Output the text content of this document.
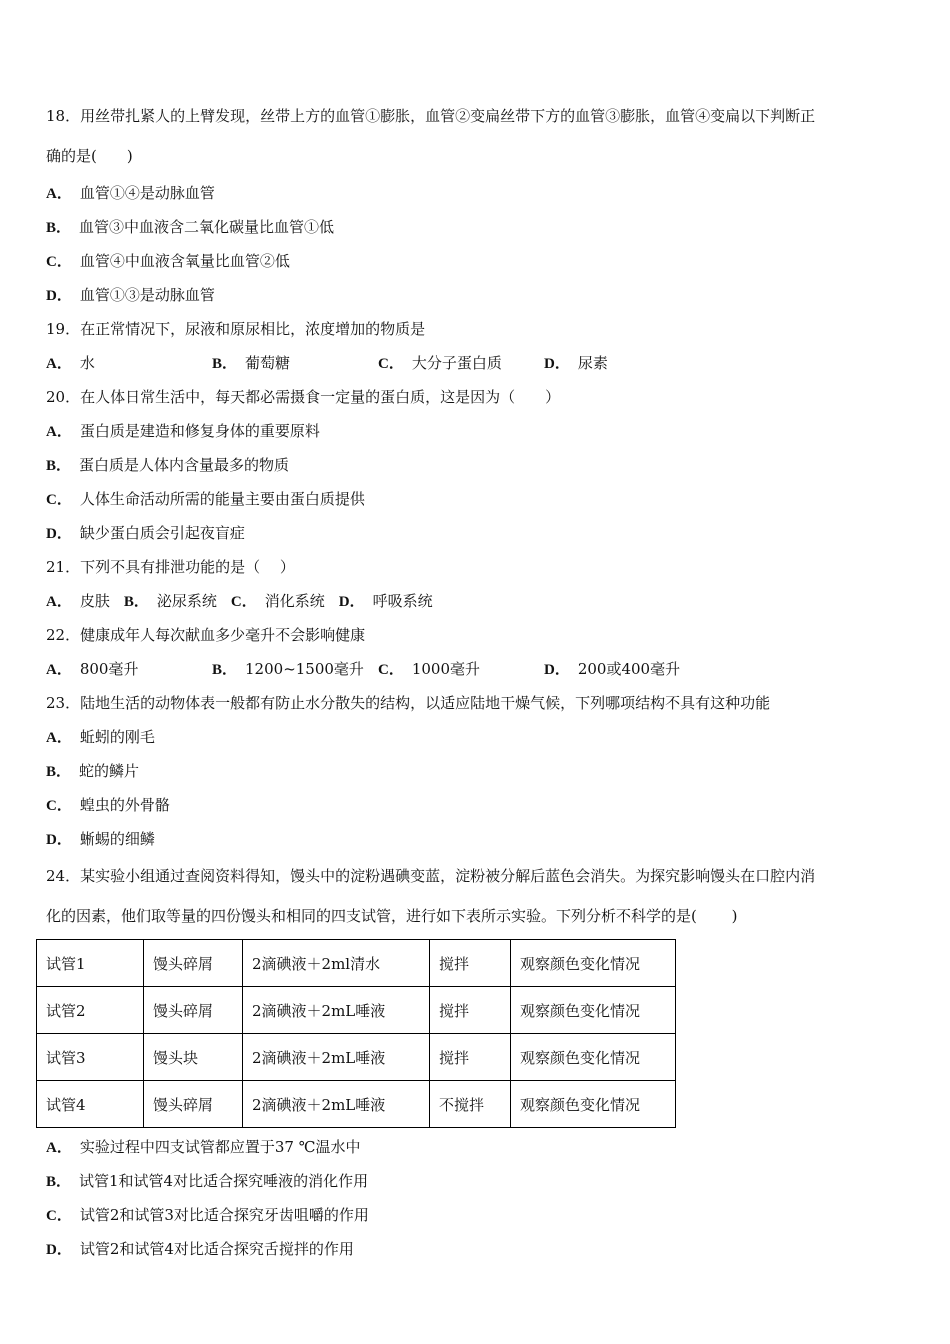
18．用丝带扎紧人的上臂发现，丝带上方的血管①膨胀，血管②变扁丝带下方的血管③膨胀，血管④变扁以下判断正
确的是(　　)
A． 血管①④是动脉血管
B． 血管③中血液含二氧化碳量比血管①低
C． 血管④中血液含氧量比血管②低
D． 血管①③是动脉血管
19．在正常情况下，尿液和原尿相比，浓度增加的物质是
A． 水	B． 葡萄糖	C． 大分子蛋白质	D． 尿素
20．在人体日常生活中，每天都必需摄食一定量的蛋白质，这是因为（　　）
A． 蛋白质是建造和修复身体的重要原料
B． 蛋白质是人体内含量最多的物质
C． 人体生命活动所需的能量主要由蛋白质提供
D． 缺少蛋白质会引起夜盲症
21．下列不具有排泄功能的是（　 ）
A． 皮肤 B． 泌尿系统 C． 消化系统 D． 呼吸系统
22．健康成年人每次献血多少毫升不会影响健康
A． 800毫升	B． 1200~1500毫升 C． 1000毫升	D． 200或400毫升
23．陆地生活的动物体表一般都有防止水分散失的结构，以适应陆地干燥气候，下列哪项结构不具有这种功能
A． 蚯蚓的刚毛
B． 蛇的鳞片
C． 蝗虫的外骨骼
D． 蜥蜴的细鳞
24．某实验小组通过查阅资料得知，馒头中的淀粉遇碘变蓝，淀粉被分解后蓝色会消失。为探究影响馒头在口腔内消
化的因素，他们取等量的四份馒头和相同的四支试管，进行如下表所示实验。下列分析不科学的是(　　 )
试管1	馒头碎屑	2滴碘液＋2ml清水	搅拌	观察颜色变化情况
试管2	馒头碎屑	2滴碘液＋2mL唾液	搅拌	观察颜色变化情况
试管3	馒头块	2滴碘液＋2mL唾液	搅拌	观察颜色变化情况
试管4	馒头碎屑	2滴碘液＋2mL唾液	不搅拌	观察颜色变化情况
A． 实验过程中四支试管都应置于37 ℃温水中
B． 试管1和试管4对比适合探究唾液的消化作用
C． 试管2和试管3对比适合探究牙齿咀嚼的作用
D． 试管2和试管4对比适合探究舌搅拌的作用
